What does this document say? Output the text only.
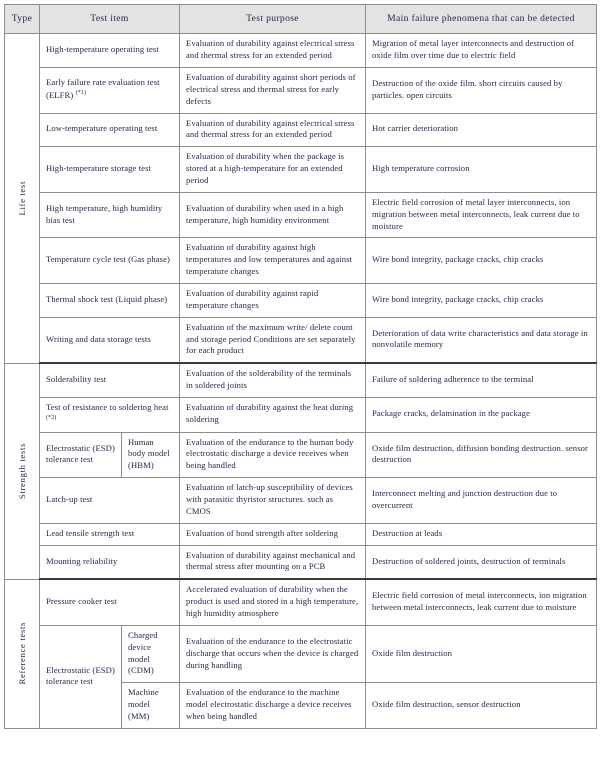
Type	Test item		Test purpose	Main failure phenomena that can be detected

Life test	High-temperature operating test		Evaluation of durability against electrical stress and thermal stress for an extended period	Migration of metal layer interconnects and destruction of oxide film over time due to electric field
	Early failure rate evaluation test (ELFR) $^{(*1)}$		Evaluation of durability against short periods of electrical stress and thermal stress for early defects	Destruction of the oxide film. short circuits caused by particles. open circuits
	Low-temperature operating test		Evaluation of durability against electrical stress and thermal stress for an extended period	Hot carrier deterioration
	High-temperature storage test		Evaluation of durability when the package is stored at a high-temperature for an extended period	High temperature corrosion
	High temperature, high humidity bias test		Evaluation of durability when used in a high temperature, high humidity environment	Electric field corrosion of metal layer interconnects, ion migration between metal interconnects, leak current due to moisture
	Temperature cycle test (Gas phase)		Evaluation of durability against high temperatures and low temperatures and against temperature changes	Wire bond integrity, package cracks, chip cracks
	Thermal shock test (Liquid phase)		Evaluation of durability against rapid temperature changes	Wire bond integrity, package cracks, chip cracks
	Writing and data storage tests		Evaluation of the maximum write/ delete count and storage period Conditions are set separately for each product	Deterioration of data write characteristics and data storage in nonvolatile memory

Strength tests	Solderability test		Evaluation of the solderability of the terminals in soldered joints	Failure of soldering adherence to the terminal
	Test of resistance to soldering heat $^{(*2)}$		Evaluation of durability against the heat during soldering	Package cracks, delamination in the package
	Electrostatic (ESD) tolerance test	Human body model (HBM)	Evaluation of the endurance to the human body electrostatic discharge a device receives when being handled	Oxide film destruction, diffusion bonding destruction. sensor destruction
	Latch-up test		Evaluation of latch-up susceptibility of devices with parasitic thyristor structures. such as CMOS	Interconnect melting and junction destruction due to overcurrent
	Lead tensile strength test		Evaluation of bond strength after soldering	Destruction at leads
	Mounting reliability		Evaluation of durability against mechanical and thermal stress after mounting on a PCB	Destruction of soldered joints, destruction of terminals

Reference tests	Pressure cooker test		Accelerated evaluation of durability when the product is used and stored in a high temperature, high humidity atmosphere	Electric field corrosion of metal interconnects, ion migration between metal interconnects, leak current due to moisture
	Electrostatic (ESD) tolerance test	Charged device model (CDM)	Evaluation of the endurance to the electrostatic discharge that occurs when the device is charged during handling	Oxide film destruction
		Machine model (MM)	Evaluation of the endurance to the machine model electrostatic discharge a device receives when being handled	Oxide film destruction, sensor destruction
